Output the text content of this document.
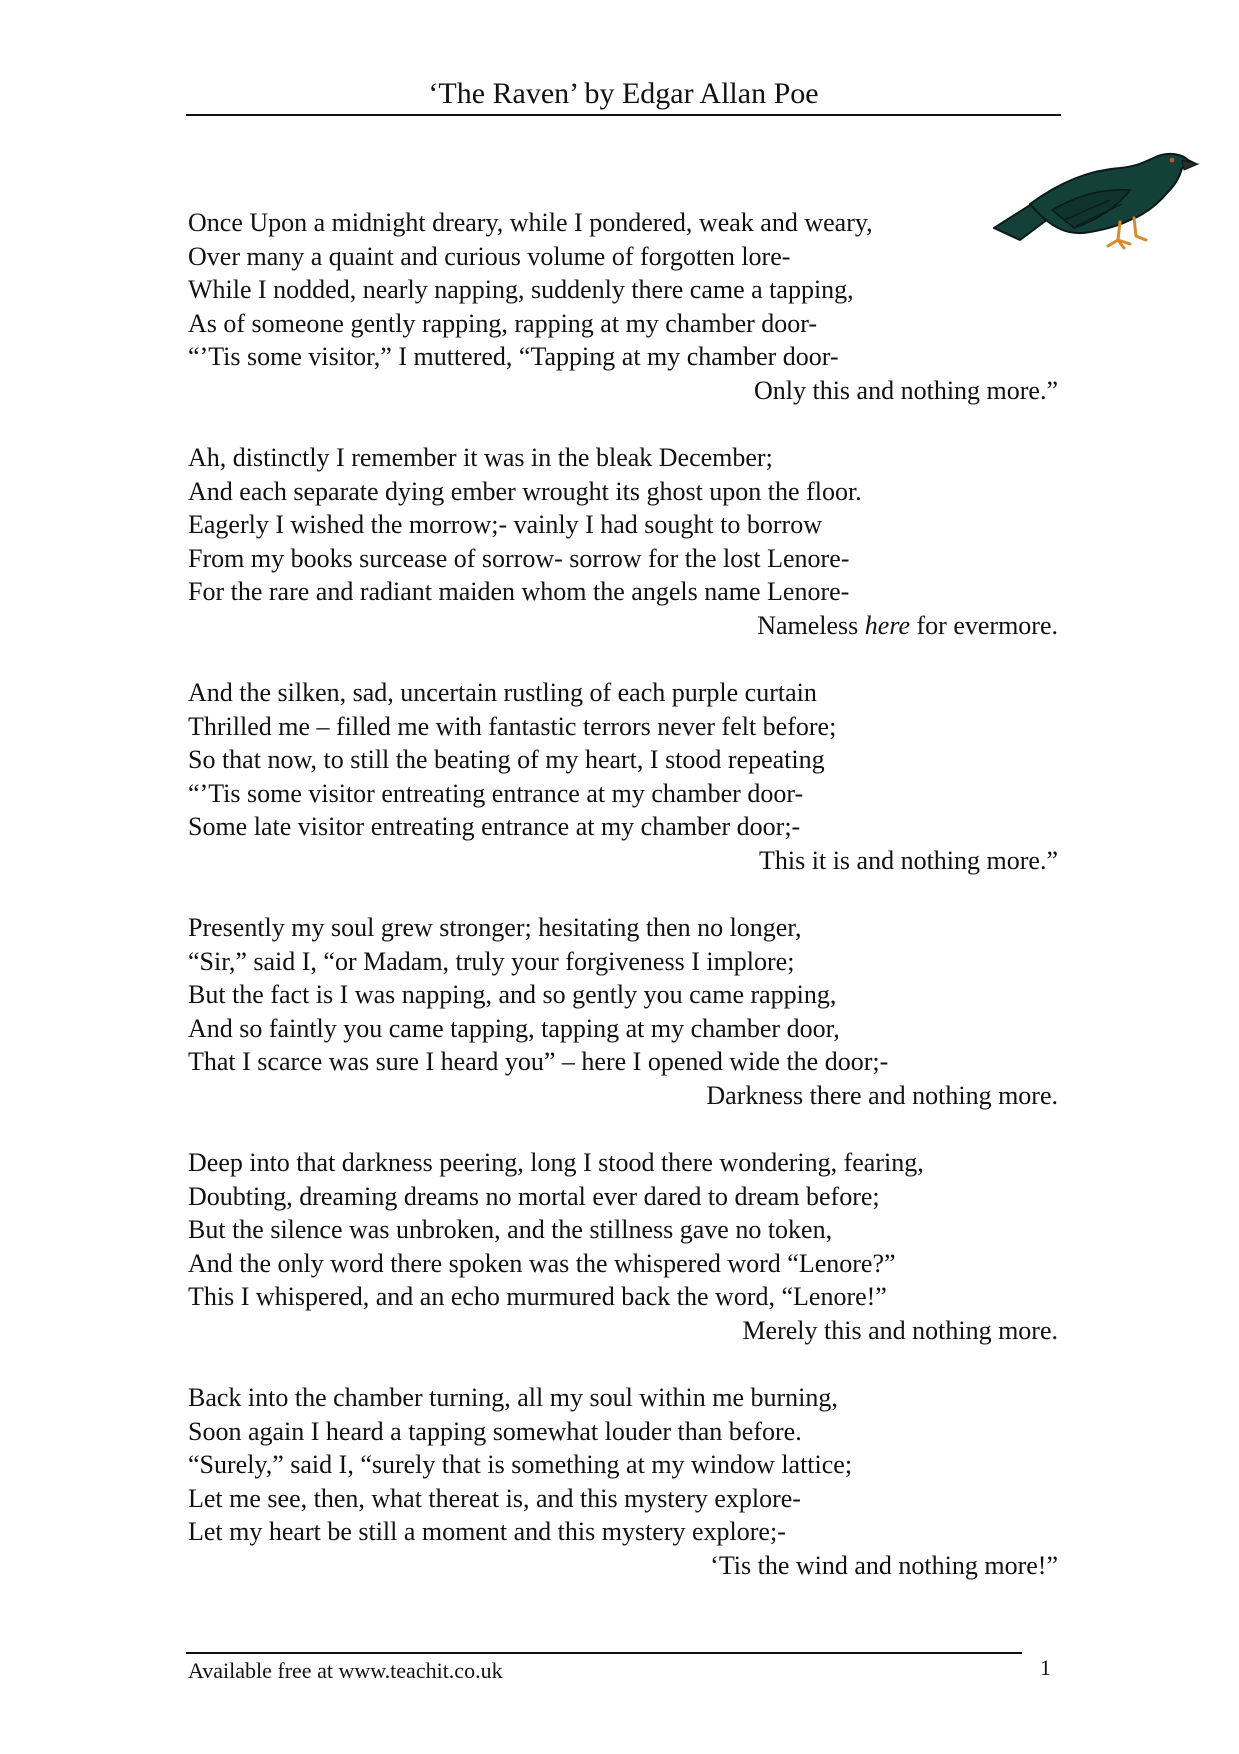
‘The Raven’ by Edgar Allan Poe
Once Upon a midnight dreary, while I pondered, weak and weary,
Over many a quaint and curious volume of forgotten lore-
While I nodded, nearly napping, suddenly there came a tapping,
As of someone gently rapping, rapping at my chamber door-
“’Tis some visitor,” I muttered, “Tapping at my chamber door-
Only this and nothing more.”
Ah, distinctly I remember it was in the bleak December;
And each separate dying ember wrought its ghost upon the floor.
Eagerly I wished the morrow;- vainly I had sought to borrow
From my books surcease of sorrow- sorrow for the lost Lenore-
For the rare and radiant maiden whom the angels name Lenore-
Nameless here for evermore.
And the silken, sad, uncertain rustling of each purple curtain
Thrilled me – filled me with fantastic terrors never felt before;
So that now, to still the beating of my heart, I stood repeating
“’Tis some visitor entreating entrance at my chamber door-
Some late visitor entreating entrance at my chamber door;-
This it is and nothing more.”
Presently my soul grew stronger; hesitating then no longer,
“Sir,” said I, “or Madam, truly your forgiveness I implore;
But the fact is I was napping, and so gently you came rapping,
And so faintly you came tapping, tapping at my chamber door,
That I scarce was sure I heard you” – here I opened wide the door;-
Darkness there and nothing more.
Deep into that darkness peering, long I stood there wondering, fearing,
Doubting, dreaming dreams no mortal ever dared to dream before;
But the silence was unbroken, and the stillness gave no token,
And the only word there spoken was the whispered word “Lenore?”
This I whispered, and an echo murmured back the word, “Lenore!”
Merely this and nothing more.
Back into the chamber turning, all my soul within me burning,
Soon again I heard a tapping somewhat louder than before.
“Surely,” said I, “surely that is something at my window lattice;
Let me see, then, what thereat is, and this mystery explore-
Let my heart be still a moment and this mystery explore;-
‘Tis the wind and nothing more!”
Available free at www.teachit.co.uk	1
